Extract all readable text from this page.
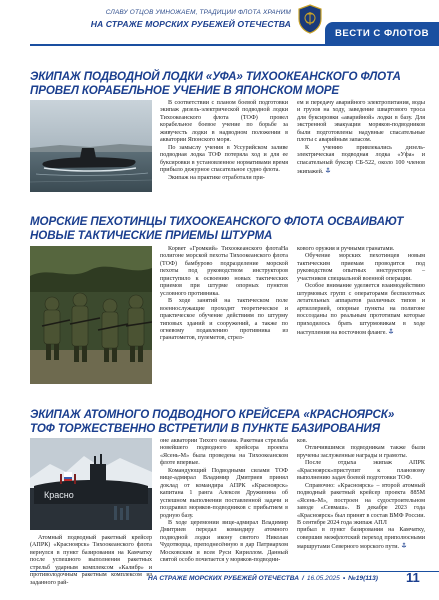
СЛАВУ ОТЦОВ УМНОЖАЕМ, ТРАДИЦИИ ФЛОТА ХРАНИМ
НА СТРАЖЕ МОРСКИХ РУБЕЖЕЙ ОТЕЧЕСТВА
ВЕСТИ С ФЛОТОВ
ЭКИПАЖ ПОДВОДНОЙ ЛОДКИ «УФА» ТИХООКЕАНСКОГО ФЛОТА
ПРОВЕЛ КОРАБЕЛЬНОЕ УЧЕНИЕ В ЯПОНСКОМ МОРЕ

В соответствии с планом боевой подготовки экипаж дизель-электрической подводной лодки Тихоокеанского флота (ТОФ) провел корабельное боевое учение по борьбе за живучесть лодки в надводном положении в акватории Японского моря.

По замыслу учения в Уссурийском заливе подводная лодка ТОФ потеряла ход и для ее буксировки в установленное нормативами время прибыло дежурное спасательное судно флота.

Экипаж на практике отработали при-

ем и передачу аварийного электропитания, воды и грузов на ходу, заведение швартового троса для буксировки «аварийной» лодки в базу. Для экстренной эвакуации моряков-подводников были подготовлены надувные спасательные плоты с аварийным запасом.

К учению привлекались дизель-электрическая подводная лодка «Уфа» и спасательный буксир СБ-522, около 100 членов экипажей.

МОРСКИЕ ПЕХОТИНЦЫ ТИХООКЕАНСКОГО ФЛОТА ОСВАИВАЮТ
НОВЫЕ ТАКТИЧЕСКИЕ ПРИЕМЫ ШТУРМА

Корвет «Громкий» Тихоокеанского флотаНа полигоне морской пехоты Тихоокеанского флота (ТОФ) бамбурово подразделение морской пехоты под руководством инструкторов приступило к освоению новых тактических приемов при штурме опорных пунктов условного противника.

В ходе занятий на тактическом поле военнослужащие проходят теоретическое и практическое обучение действиям по штурму типовых зданий и сооружений, а также по огневому подавлению противника из гранатометов, пулеметов, стрел-

кового оружия и ручными гранатами.

Обучение морских пехотинцев новым тактическим приемам проводится под руководством опытных инструкторов – участников специальной военной операции.

Особое внимание уделяется взаимодействию штурмовых групп с операторами беспилотных летательных аппаратов различных типов и артиллерией, опорные пункты на полигоне воссозданы по реальным прототипам которые приходилось брать штурмовикам в ходе наступления на восточном фланге.

ЭКИПАЖ АТОМНОГО ПОДВОДНОГО КРЕЙСЕРА «КРАСНОЯРСК»
ТОФ ТОРЖЕСТВЕННО ВСТРЕТИЛИ В ПУНКТЕ БАЗИРОВАНИЯ
Красно

Атомный подводный ракетный крейсер (АПРК) «Красноярск» Тихоокеанского флота вернулся в пункт базирования на Камчатку после успешного выполнения ракетных стрельб ударным комплексом «Калибр» и противолодочным ракетным комплексом из заданного рай-

оне акватории Тихого океана. Ракетная стрельба новейшего подводного крейсера проекта «Ясень-М» была проведена на Тихоокеанском флоте впервые.

Командующий Подводными силами ТОФ вице-адмирал Владимир Дмитриев принял доклад от командира АПРК «Красноярск» капитана 1 ранга Алексея Дружинина об успешном выполнении поставленной задачи и поздравил моряков-подводников с прибытием в родную базу.

В ходе церемонии вице-адмирал Владимир Дмитриев передал командиру атомного подводной лодки икону святого Николая Чудотворца, преподнесённую в дар Патриархом Московским и всея Руси Кириллом. Данный святой особо почитается у моряков-подводни-

ков.

Отличившимся подводникам также были вручены заслуженные награды и грамоты.

После отдыха экипаж АПРК «Красноярск»приступит к плановому выполнению задач боевой подготовки ТОФ.

Справочно: «Красноярск» – второй атомный подводный ракетный крейсер проекта 885М «Ясень-М», построен на судостроительном заводе «Севмаш». В декабре 2023 года «Красноярск» был принят в состав ВМФ России. В сентябре 2024 года экипаж АПЛ

прибыл в пункт базирования на Камчатку, совершив межфлотский переход приполюсными маршрутами Северного морского пути.

НА СТРАЖЕ МОРСКИХ РУБЕЖЕЙ ОТЕЧЕСТВА / 16.05.2025 • №19(113) 11
